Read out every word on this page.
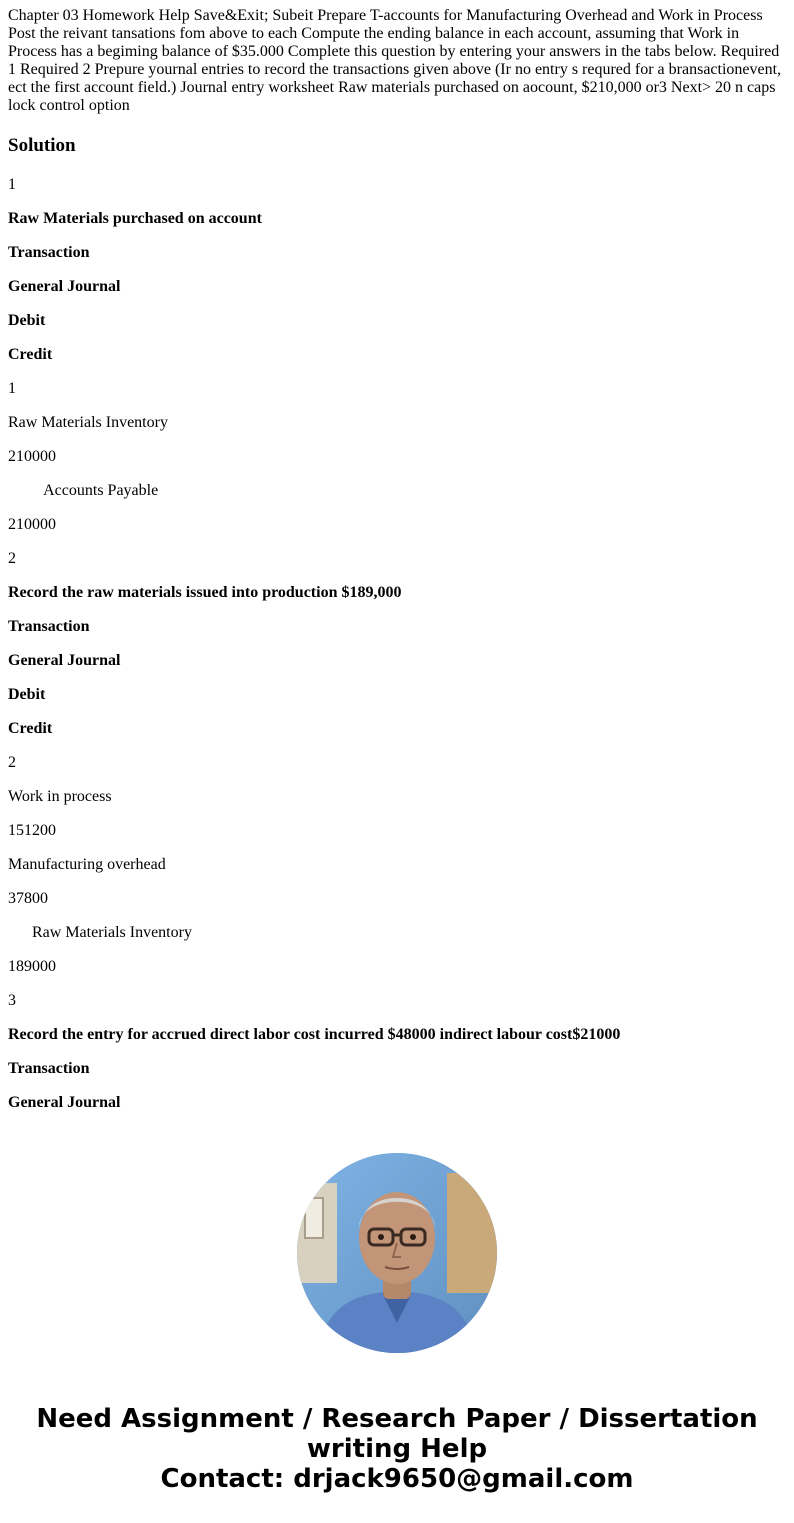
Chapter 03 Homework Help Save&Exit; Subeit Prepare T-accounts for Manufacturing Overhead and Work in Process Post the reivant tansations fom above to each Compute the ending balance in each account, assuming that Work in Process has a begiming balance of $35.000 Complete this question by entering your answers in the tabs below. Required 1 Required 2 Prepure yournal entries to record the transactions given above (Ir no entry s requred for a bransactionevent, ect the first account field.) Journal entry worksheet Raw materials purchased on aocount, $210,000 or3 Next> 20 n caps lock control option

Solution

1

Raw Materials purchased on account

Transaction

General Journal

Debit

Credit

1

Raw Materials Inventory

210000

Accounts Payable

210000

2

Record the raw materials issued into production $189,000

Transaction

General Journal

Debit

Credit

2

Work in process

151200

Manufacturing overhead

37800

Raw Materials Inventory

189000

3

Record the entry for accrued direct labor cost incurred $48000 indirect labour cost$21000

Transaction

General Journal

Need Assignment / Research Paper / Dissertation
writing Help
Contact: drjack9650@gmail.com
